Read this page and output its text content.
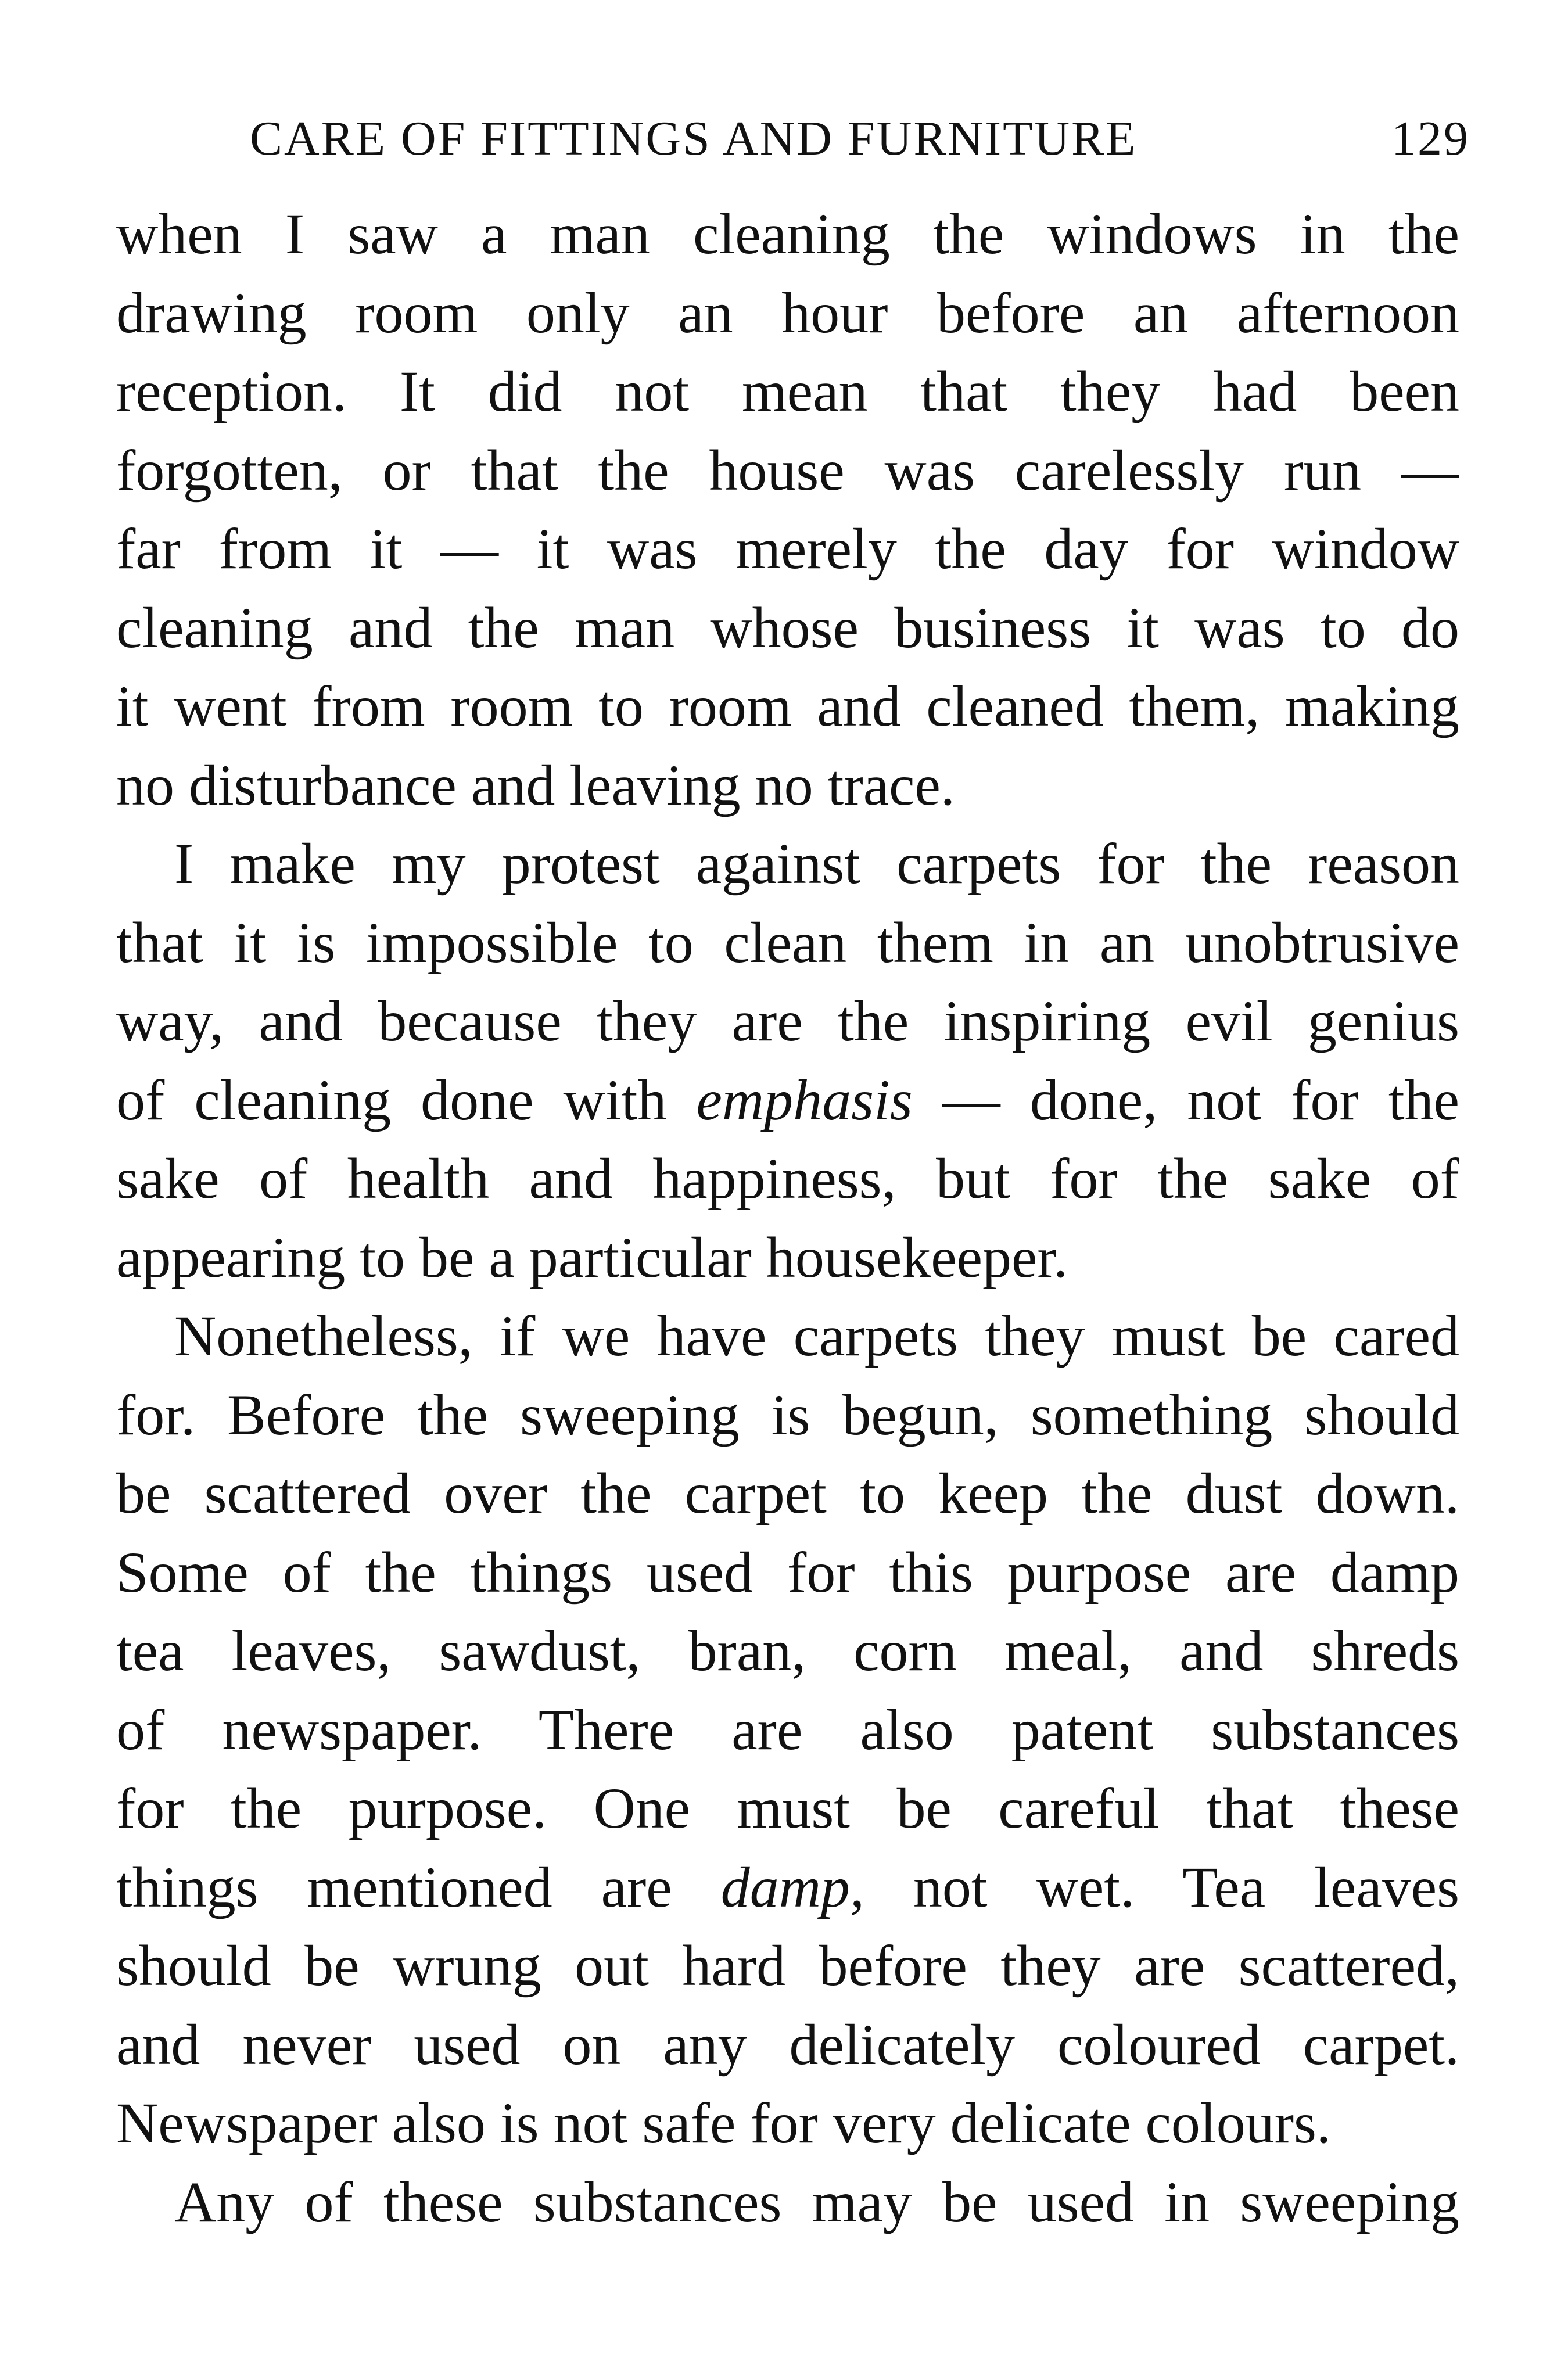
CARE OF FITTINGS AND FURNITURE	129
when I saw a man cleaning the windows in the
drawing room only an hour before an afternoon
reception. It did not mean that they had been
forgotten, or that the house was carelessly run —
far from it — it was merely the day for window
cleaning and the man whose business it was to do
it went from room to room and cleaned them, making
no disturbance and leaving no trace.
I make my protest against carpets for the reason
that it is impossible to clean them in an unobtrusive
way, and because they are the inspiring evil genius
of cleaning done with emphasis — done, not for the
sake of health and happiness, but for the sake of
appearing to be a particular housekeeper.
Nonetheless, if we have carpets they must be cared
for. Before the sweeping is begun, something should
be scattered over the carpet to keep the dust down.
Some of the things used for this purpose are damp
tea leaves, sawdust, bran, corn meal, and shreds
of newspaper. There are also patent substances
for the purpose. One must be careful that these
things mentioned are damp, not wet. Tea leaves
should be wrung out hard before they are scattered,
and never used on any delicately coloured carpet.
Newspaper also is not safe for very delicate colours.
Any of these substances may be used in sweeping
